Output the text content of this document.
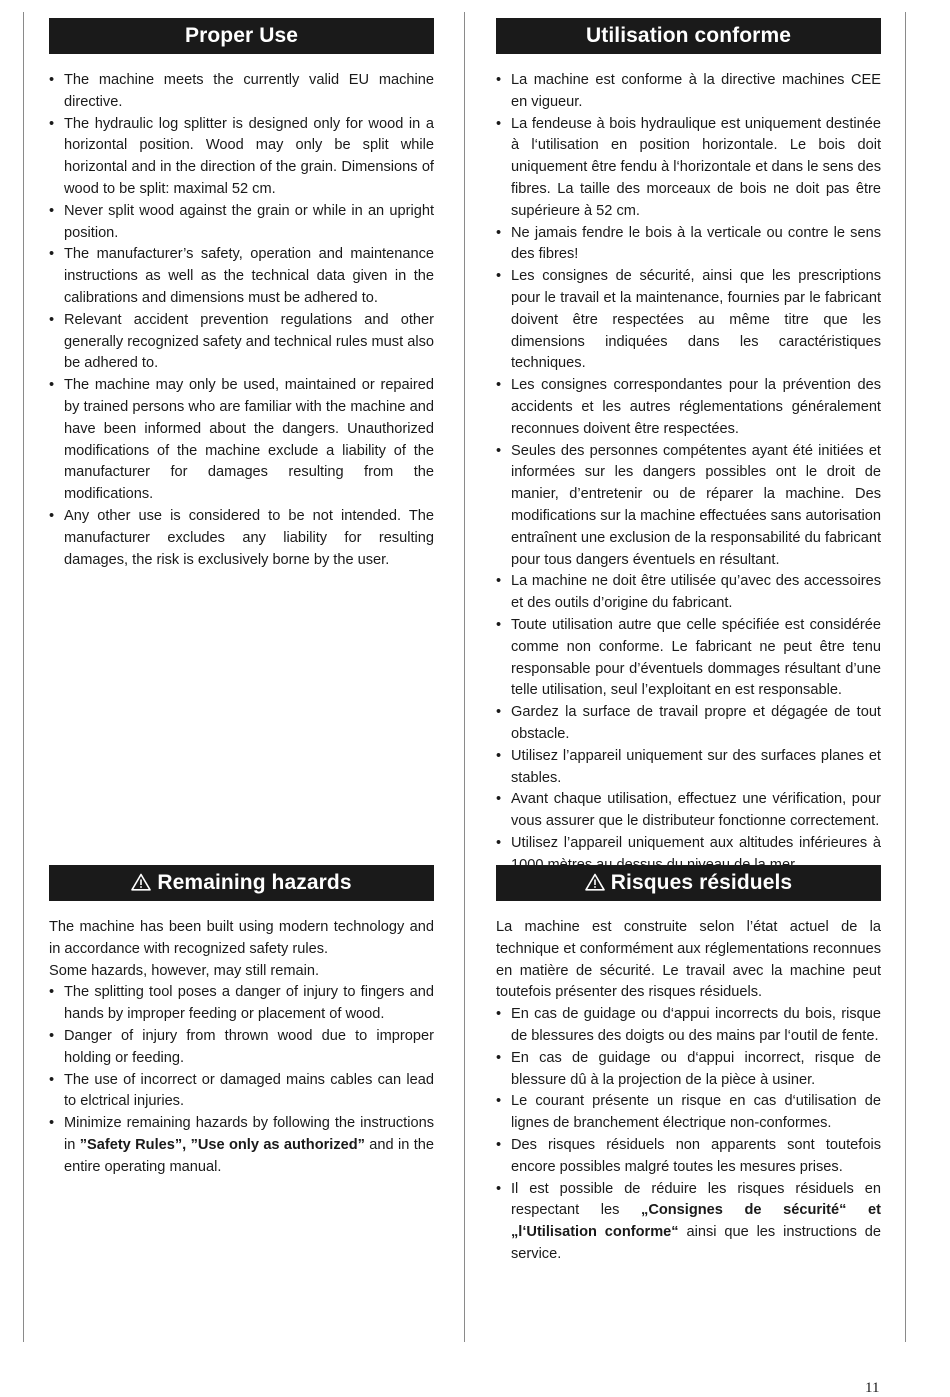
Proper Use
• The machine meets the currently valid EU machine directive.
• The hydraulic log splitter is designed only for wood in a horizontal position. Wood may only be split while horizontal and in the direction of the grain. Dimensions of wood to be split: maximal 52 cm.
• Never split wood against the grain or while in an upright position.
• The manufacturer’s safety, operation and maintenance instructions as well as the technical data given in the calibrations and dimensions must be adhered to.
• Relevant accident prevention regulations and other generally recognized safety and technical rules must also be adhered to.
• The machine may only be used, maintained or repaired by trained persons who are familiar with the machine and have been informed about the dangers. Unauthorized modifications of the machine exclude a liability of the manufacturer for damages resulting from the modifications.
• Any other use is considered to be not intended. The manufacturer excludes any liability for resulting damages, the risk is exclusively borne by the user.
Remaining hazards

The machine has been built using modern technology and in accordance with recognized safety rules.

Some hazards, however, may still remain.

• The splitting tool poses a danger of injury to fingers and hands by improper feeding or placement of wood.
• Danger of injury from thrown wood due to improper holding or feeding.
• The use of incorrect or damaged mains cables can lead to elctrical injuries.
• Minimize remaining hazards by following the instructions in ”Safety Rules”, ”Use only as authorized” and in the entire operating manual.
Utilisation conforme
• La machine est conforme à la directive machines CEE en vigueur.
• La fendeuse à bois hydraulique est uniquement destinée à l‘utilisation en position horizontale. Le bois doit uniquement être fendu à l‘horizontale et dans le sens des fibres. La taille des morceaux de bois ne doit pas être supérieure à 52 cm.
• Ne jamais fendre le bois à la verticale ou contre le sens des fibres!
• Les consignes de sécurité, ainsi que les prescriptions pour le travail et la maintenance, fournies par le fabricant doivent être respectées au même titre que les dimensions indiquées dans les caractéristiques techniques.
• Les consignes correspondantes pour la prévention des accidents et les autres réglementations généralement reconnues doivent être respectées.
• Seules des personnes compétentes ayant été initiées et informées sur les dangers possibles ont le droit de manier, d’entretenir ou de réparer la machine. Des modifications sur la machine effectuées sans autorisation entraînent une exclusion de la responsabilité du fabricant pour tous dangers éventuels en résultant.
• La machine ne doit être utilisée qu’avec des accessoires et des outils d’origine du fabricant.
• Toute utilisation autre que celle spécifiée est considérée comme non conforme. Le fabricant ne peut être tenu responsable pour d’éventuels dommages résultant d’une telle utilisation, seul l’exploitant en est responsable.
• Gardez la surface de travail propre et dégagée de tout obstacle.
• Utilisez l’appareil uniquement sur des surfaces planes et stables.
• Avant chaque utilisation, effectuez une vérification, pour vous assurer que le distributeur fonctionne correctement.
• Utilisez l’appareil uniquement aux altitudes inférieures à
Risques résiduels

La machine est construite selon l’état actuel de la technique et conformément aux réglementations reconnues en matière de sécurité. Le travail avec la machine peut toutefois présenter des risques résiduels.

• En cas de guidage ou d‘appui incorrects du bois, risque de blessures des doigts ou des mains par l‘outil de fente.
• En cas de guidage ou d‘appui incorrect, risque de blessure dû à la projection de la pièce à usiner.
• Le courant présente un risque en cas d‘utilisation de lignes de branchement électrique non-conformes.
• Des risques résiduels non apparents sont toutefois encore possibles malgré toutes les mesures prises.
• Il est possible de réduire les risques résiduels en respectant les „Consignes de sécurité“ et „l‘Utilisation conforme“ ainsi que les instructions de service.
11
